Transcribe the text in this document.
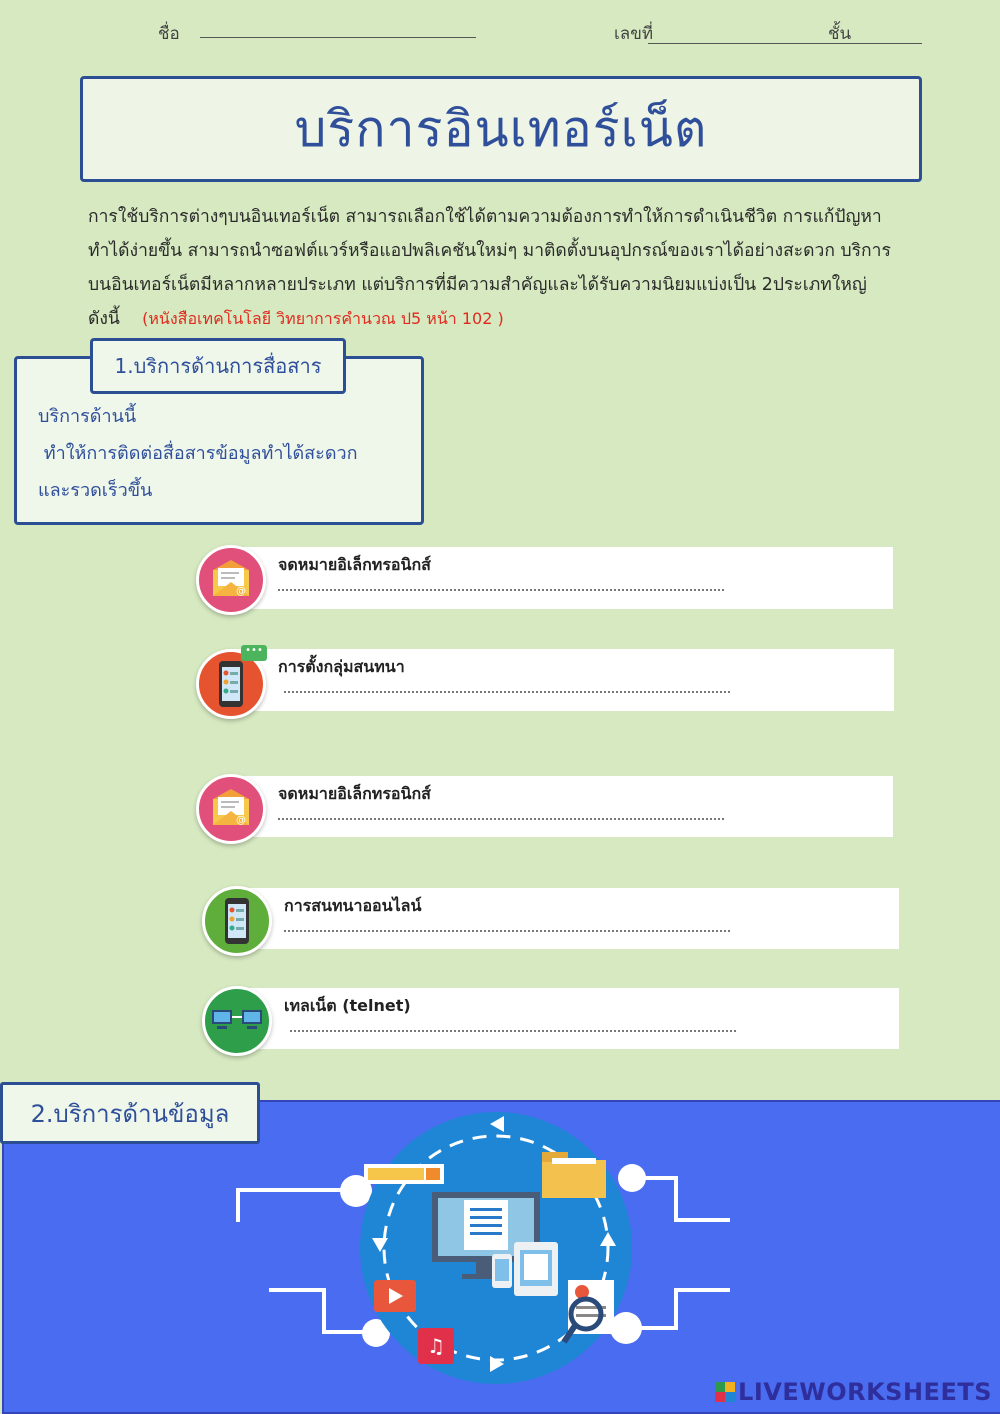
ชื่อ	เลขที่	ชั้น
บริการอินเทอร์เน็ต
การใช้บริการต่างๆบนอินเทอร์เน็ต สามารถเลือกใช้ได้ตามความต้องการทำให้การดำเนินชีวิต การแก้ปัญหา
ทำได้ง่ายขึ้น สามารถนำซอฟต์แวร์หรือแอปพลิเคชันใหม่ๆ มาติดตั้งบนอุปกรณ์ของเราได้อย่างสะดวก บริการ
บนอินเทอร์เน็ตมีหลากหลายประเภท แต่บริการที่มีความสำคัญและได้รับความนิยมแบ่งเป็น 2ประเภทใหญ่
ดังนี้ (หนังสือเทคโนโลยี วิทยาการคำนวณ ป5 หน้า 102 )
1.บริการด้านการสื่อสาร
บริการด้านนี้
ทำให้การติดต่อสื่อสารข้อมูลทำได้สะดวก
และรวดเร็วขึ้น
จดหมายอิเล็กทรอนิกส์
@
การตั้งกลุ่มสนทนา
•••
จดหมายอิเล็กทรอนิกส์
@
การสนทนาออนไลน์
เทลเน็ต (telnet)
♫
LIVEWORKSHEETS
2.บริการด้านข้อมูล
